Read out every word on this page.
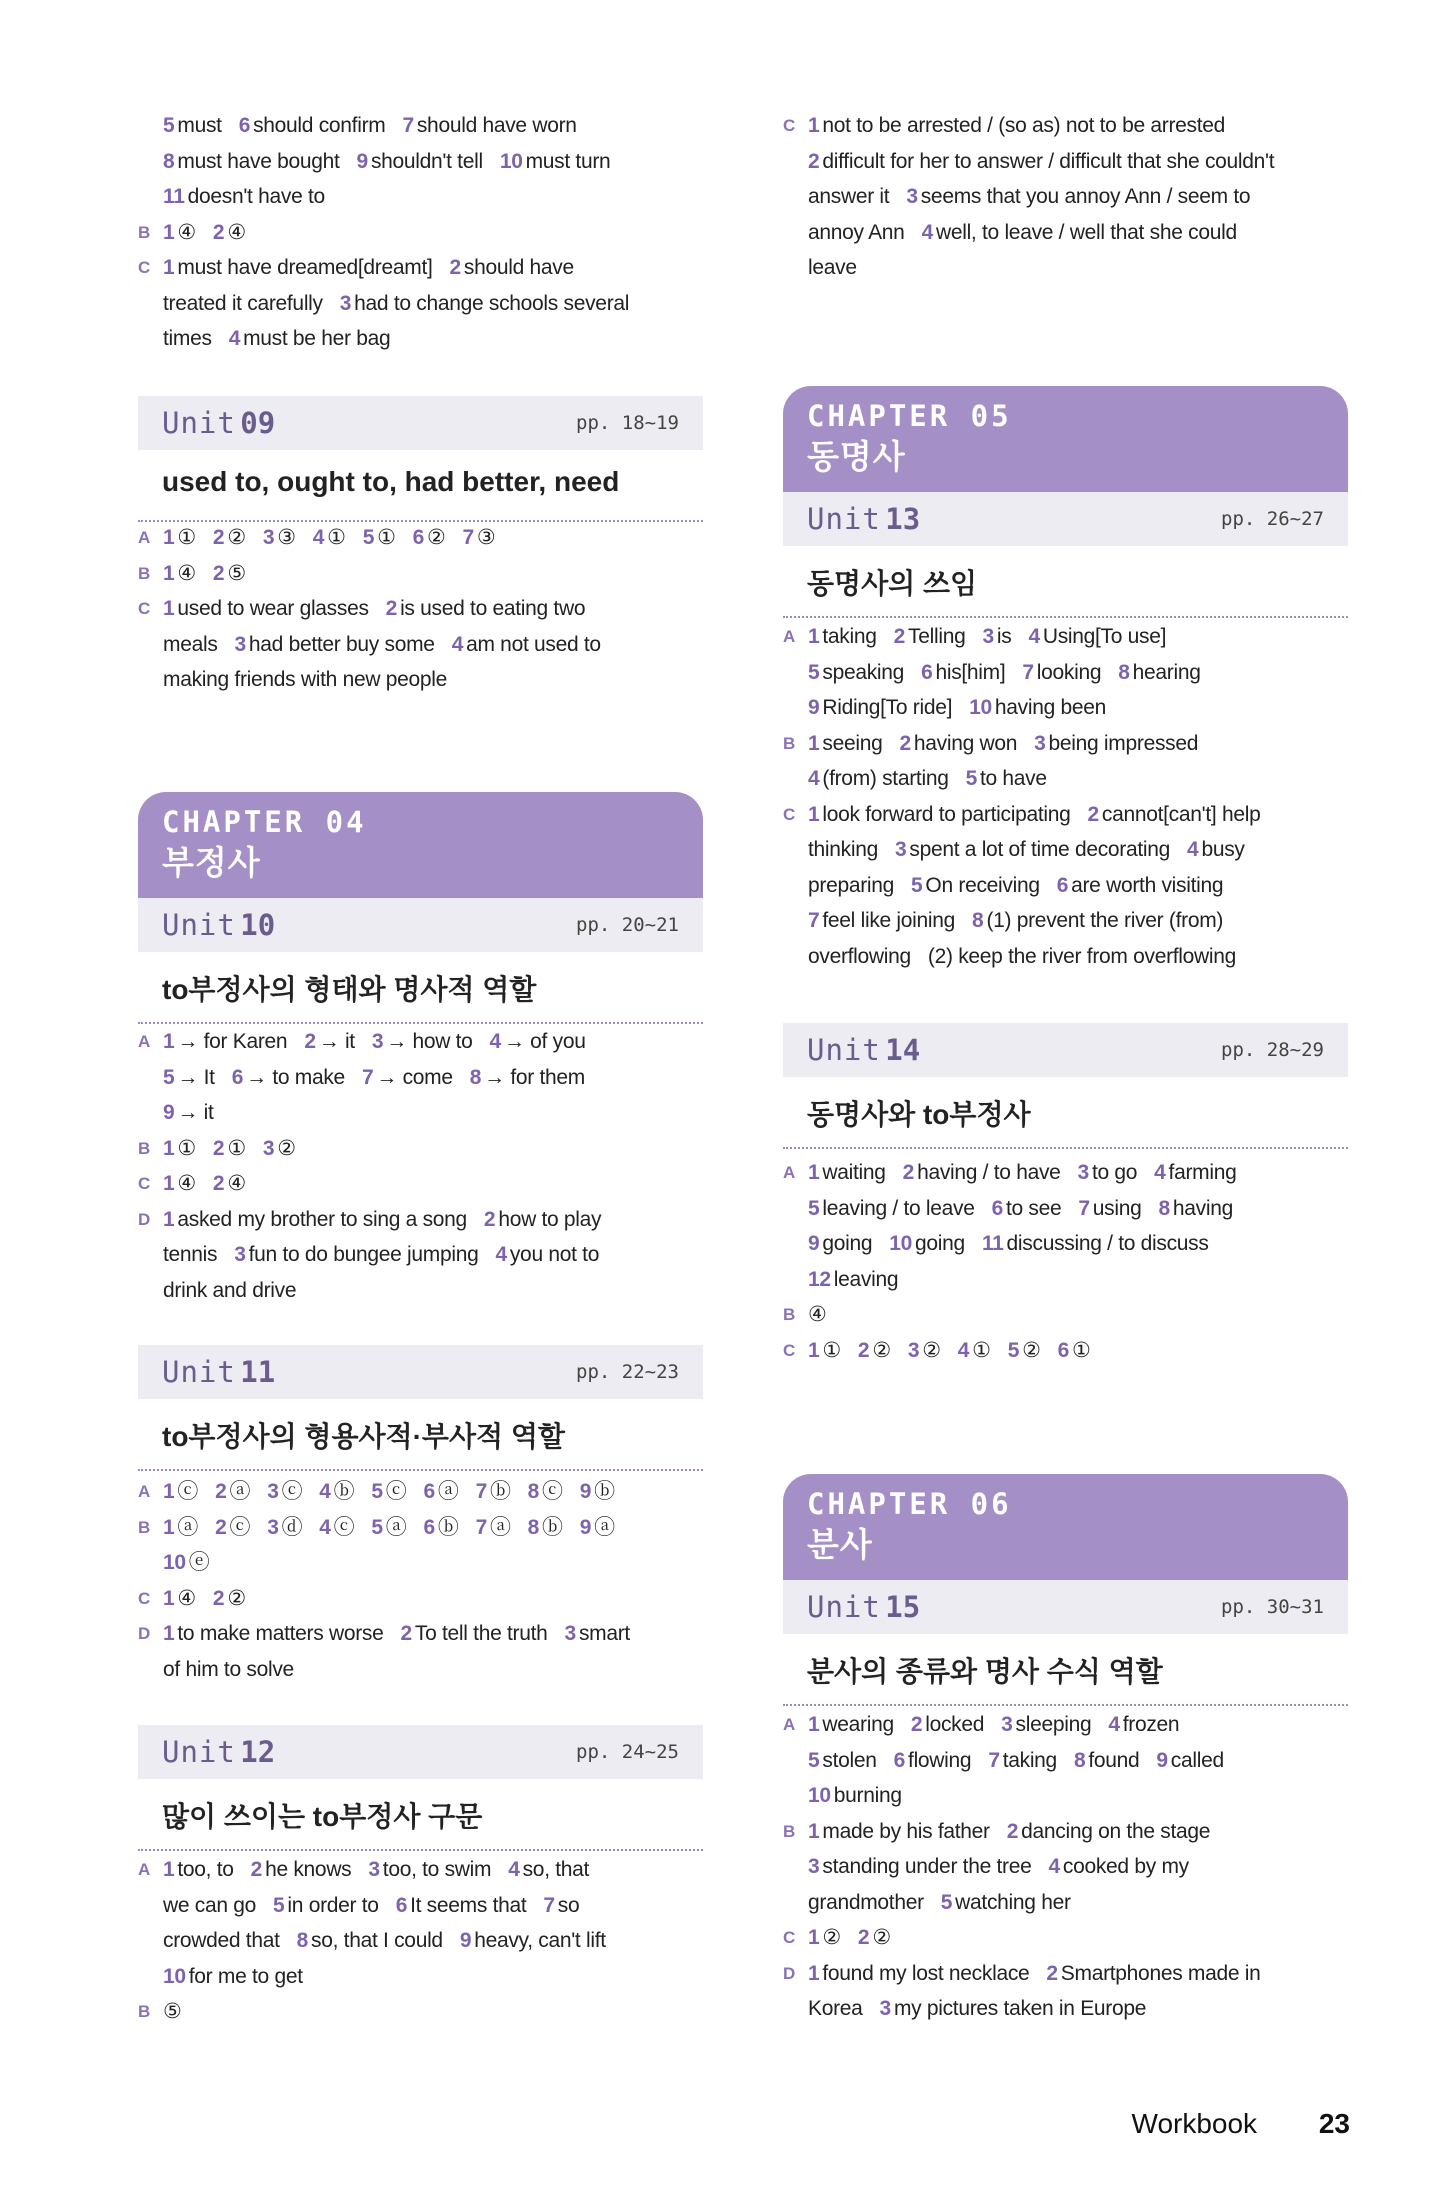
5 must 6 should confirm 7 should have worn
8 must have bought 9 shouldn't tell 10 must turn
11 doesn't have to
B 1 ④ 2 ④
C 1 must have dreamed[dreamt] 2 should have
treated it carefully 3 had to change schools several
times 4 must be her bag
Unit 09	pp. 18~19
used to, ought to, had better, need
A 1 ① 2 ② 3 ③ 4 ① 5 ① 6 ② 7 ③
B 1 ④ 2 ⑤
C 1 used to wear glasses 2 is used to eating two
meals 3 had better buy some 4 am not used to
making friends with new people
CHAPTER 04
부정사
Unit 10	pp. 20~21
to부정사의 형태와 명사적 역할
A 1 → for Karen 2 → it 3 → how to 4 → of you
5 → It 6 → to make 7 → come 8 → for them
9 → it
B 1 ① 2 ① 3 ②
C 1 ④ 2 ④
D 1 asked my brother to sing a song 2 how to play
tennis 3 fun to do bungee jumping 4 you not to
drink and drive
Unit 11	pp. 22~23
to부정사의 형용사적·부사적 역할
A 1 ⓒ 2 ⓐ 3 ⓒ 4 ⓑ 5 ⓒ 6 ⓐ 7 ⓑ 8 ⓒ 9 ⓑ
B 1 ⓐ 2 ⓒ 3 ⓓ 4 ⓒ 5 ⓐ 6 ⓑ 7 ⓐ 8 ⓑ 9 ⓐ
10 ⓔ
C 1 ④ 2 ②
D 1 to make matters worse 2 To tell the truth 3 smart
of him to solve
Unit 12	pp. 24~25
많이 쓰이는 to부정사 구문
A 1 too, to 2 he knows 3 too, to swim 4 so, that
we can go 5 in order to 6 It seems that 7 so
crowded that 8 so, that I could 9 heavy, can't lift
10 for me to get
B ⑤
C 1 not to be arrested / (so as) not to be arrested
2 difficult for her to answer / difficult that she couldn't
answer it 3 seems that you annoy Ann / seem to
annoy Ann 4 well, to leave / well that she could
leave
CHAPTER 05
동명사
Unit 13	pp. 26~27
동명사의 쓰임
A 1 taking 2 Telling 3 is 4 Using[To use]
5 speaking 6 his[him] 7 looking 8 hearing
9 Riding[To ride] 10 having been
B 1 seeing 2 having won 3 being impressed
4 (from) starting 5 to have
C 1 look forward to participating 2 cannot[can't] help
thinking 3 spent a lot of time decorating 4 busy
preparing 5 On receiving 6 are worth visiting
7 feel like joining 8 (1) prevent the river (from)
overflowing (2) keep the river from overflowing
Unit 14	pp. 28~29
동명사와 to부정사
A 1 waiting 2 having / to have 3 to go 4 farming
5 leaving / to leave 6 to see 7 using 8 having
9 going 10 going 11 discussing / to discuss
12 leaving
B ④
C 1 ① 2 ② 3 ② 4 ① 5 ② 6 ①
CHAPTER 06
분사
Unit 15	pp. 30~31
분사의 종류와 명사 수식 역할
A 1 wearing 2 locked 3 sleeping 4 frozen
5 stolen 6 flowing 7 taking 8 found 9 called
10 burning
B 1 made by his father 2 dancing on the stage
3 standing under the tree 4 cooked by my
grandmother 5 watching her
C 1 ② 2 ②
D 1 found my lost necklace 2 Smartphones made in
Korea 3 my pictures taken in Europe
Workbook 23
